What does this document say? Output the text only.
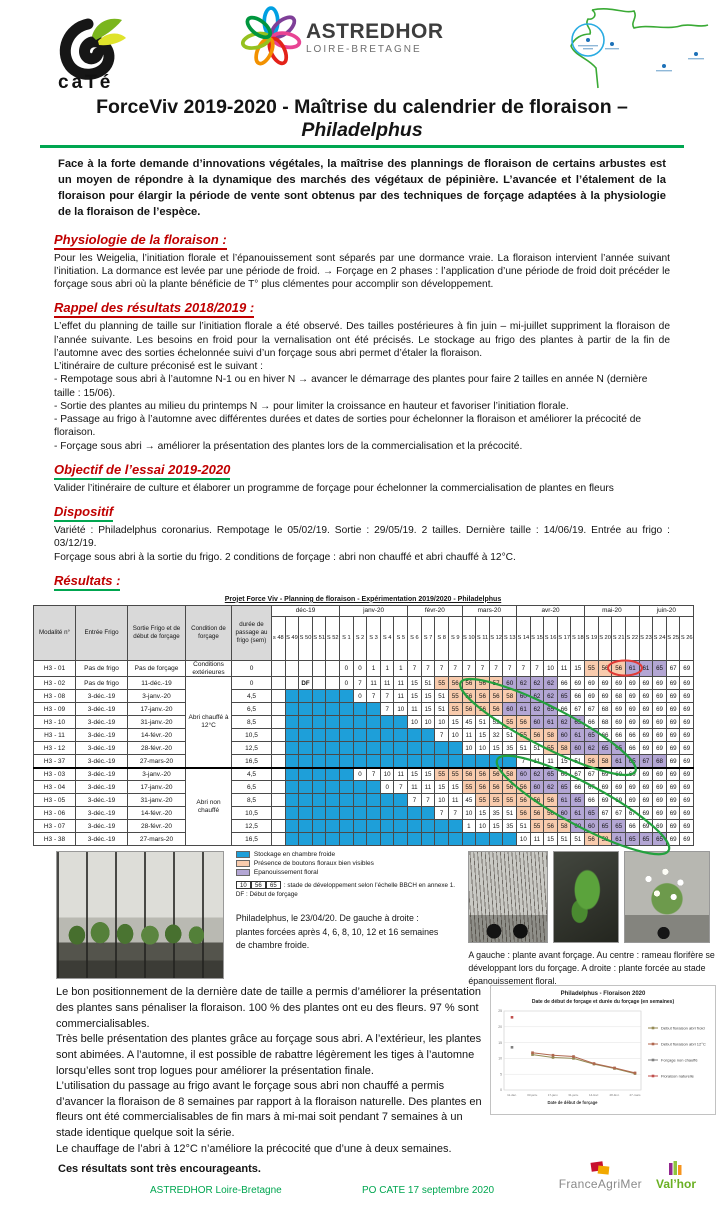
caTé
ASTREDHOR
LOIRE-BRETAGNE
ForceViv 2019-2020 - Maîtrise du calendrier de floraison – Philadelphus

Face à la forte demande d’innovations végétales, la maîtrise des plannings de floraison de certains arbustes est un moyen de répondre à la dynamique des marchés des végétaux de pépinière. L’avancée et l’étalement de la floraison pour élargir la période de vente sont obtenus par des techniques de forçage adaptées à la physiologie de la floraison de l’espèce.

Physiologie de la floraison :

Pour les Weigelia, l’initiation florale et l’épanouissement sont séparés par une dormance vraie. La floraison intervient l’année suivant l’initiation. La dormance est levée par une période de froid. → Forçage en 2 phases : l’application d’une période de froid doit précéder le forçage sous abri où la plante bénéficie de T° plus clémentes pour accomplir son développement.

Rappel des résultats 2018/2019 :

L’effet du planning de taille sur l’initiation florale a été observé. Des tailles postérieures à fin juin – mi-juillet suppriment la floraison de l’année suivante. Les besoins en froid pour la vernalisation ont été précisés. Le stockage au frigo des plantes à partir de la fin de l’automne avec des sorties échelonnée suivi d’un forçage sous abri permet d’étaler la floraison.

L’itinéraire de culture préconisé est le suivant :

- Rempotage sous abri à l’automne N-1 ou en hiver N → avancer le démarrage des plantes pour faire 2 tailles en année N (dernière taille : 15/06).

- Sortie des plantes au milieu du printemps N → pour limiter la croissance en hauteur et favoriser l’initiation florale.

- Passage au frigo à l’automne avec différentes durées et dates de sorties pour échelonner la floraison et améliorer la précocité de floraison.

- Forçage sous abri → améliorer la présentation des plantes lors de la commercialisation et la précocité.

Objectif de l’essai 2019-2020

Valider l’itinéraire de culture et élaborer un programme de forçage pour échelonner la commercialisation de plantes en fleurs

Dispositif

Variété : Philadelphus coronarius. Rempotage le 05/02/19. Sortie : 29/05/19. 2 tailles. Dernière taille : 14/06/19. Entrée au frigo : 03/12/19.

Forçage sous abri à la sortie du frigo. 2 conditions de forçage : abri non chauffé et abri chauffé à 12°C.

Résultats :

Projet Force Viv - Planning de floraison - Expérimentation 2019/2020 - Philadelphus
Modalité n°	Entrée Frigo	Sortie Frigo et de début de forçage	Condition de forçage	durée de passage au frigo (sem)	déc-19					janv-20					févr-20				mars-20				avr-20					mai-20				juin-20			
					s 48	S 49	S 50	S 51	S 52	S 1	S 2	S 3	S 4	S 5	S 6	S 7	S 8	S 9	S 10	S 11	S 12	S 13	S 14	S 15	S 16	S 17	S 18	S 19	S 20	S 21	S 22	S 23	S 24	S 25	S 26
H3 - 01	Pas de frigo	Pas de forçage	Conditions extérieures	0						0	0	1	1	1	7	7	7	7	7	7	7	7	7	7	10	11	15	55	56	56	61	61	65	67	69
H3 - 02	Pas de frigo	11-déc.-19	Abri chauffé à 12°C	0			DF			0	7	11	11	11	15	51	55	56	56	56	57	60	62	62	62	66	69	69	69	69	69	69	69	69	69
H3 - 08	3-déc.-19	3-janv.-20		4,5							0	7	7	11	15	15	51	55	56	56	56	58	60	62	62	65	66	69	69	68	69	69	69	69	69
H3 - 09	3-déc.-19	17-janv.-20		6,5									7	10	11	15	51	55	56	56	56	60	61	62	65	66	67	67	68	69	69	69	69	69	69
H3 - 10	3-déc.-19	31-janv.-20		8,5											10	10	10	15	45	51	52	55	56	60	61	62	65	66	68	69	69	69	69	69	69
H3 - 11	3-déc.-19	14-févr.-20		10,5													7	10	11	15	32	51	55	56	58	60	61	65	66	66	66	69	69	69	69
H3 - 12	3-déc.-19	28-févr.-20		12,5															10	10	15	35	51	51	55	58	60	62	65	65	66	69	69	69	69
H3 - 37	3-déc.-19	27-mars-20		16,5																			7	11	11	15	51	56	58	61	65	67	68	69	69
H3 - 03	3-déc.-19	3-janv.-20	Abri non chauffé	4,5							0	7	10	11	15	15	55	55	56	56	56	58	60	62	65	66	67	67	69	69	69	69	69	69	69
H3 - 04	3-déc.-19	17-janv.-20		6,5									0	7	11	11	15	15	55	56	56	56	56	60	62	65	66	67	69	69	69	69	69	69	69
H3 - 05	3-déc.-19	31-janv.-20		8,5											7	7	10	11	45	55	55	55	56	56	56	61	65	66	69	69	69	69	69	69	69
H3 - 06	3-déc.-19	14-févr.-20		10,5													7	7	10	15	35	51	56	56	56	60	61	65	67	67	67	69	69	69	69
H3 - 07	3-déc.-19	28-févr.-20		12,5															1	10	15	35	51	55	56	58	60	60	65	65	66	69	69	69	69
H3 - 38	3-déc.-19	27-mars-20		16,5																			10	11	15	51	51	56	58	61	65	65	65	69	69
Stockage en chambre froide
Présence de boutons floraux bien visibles
Epanouissement floral
10	56	65	: stade de développement selon l’échelle BBCH en annexe 1.
DF : Début de forçage
Philadelphus, le 23/04/20. De gauche à droite : plantes forcées après 4, 6, 8, 10, 12 et 16 semaines de chambre froide.
A gauche : plante avant forçage. Au centre : rameau florifère se développant lors du forçage. A droite : plante forcée au stade épanouissement floral.

Le bon positionnement de la dernière date de taille a permis d’améliorer la présentation des plantes sans pénaliser la floraison. 100 % des plantes ont eu des fleurs. 97 % sont commercialisables.

Très belle présentation des plantes grâce au forçage sous abri. A l’extérieur, les plantes sont abimées. A l’automne, il est possible de rabattre légèrement les tiges à l’automne lorsqu’elles sont trop logues pour améliorer la présentation finale.

L’utilisation du passage au frigo avant le forçage sous abri non chauffé a permis d’avancer la floraison de 8 semaines par rapport à la floraison naturelle. Des plantes en fleurs ont été commercialisables de fin mars à mi-mai soit pendant 7 semaines à un stade identique quelque soit la série.

Le chauffage de l’abri à 12°C n’améliore la précocité que d’une à deux semaines.

Philadelphus - Floraison 2020
Date de début de forçage et durée du forçage (en semaines)
0
5
10
15
20
25
11-déc.	03-janv.	17-janv.	31-janv.	14-févr.	28-févr.	27-mars
Date de début de forçage
Début floraison abri froid
Début floraison abri 12°C
Forçage non chauffé
Floraison naturelle
Ces résultats sont très encourageants.
ASTREDHOR Loire-Bretagne	PO CATE 17 septembre 2020	FranceAgriMer Val’hor
